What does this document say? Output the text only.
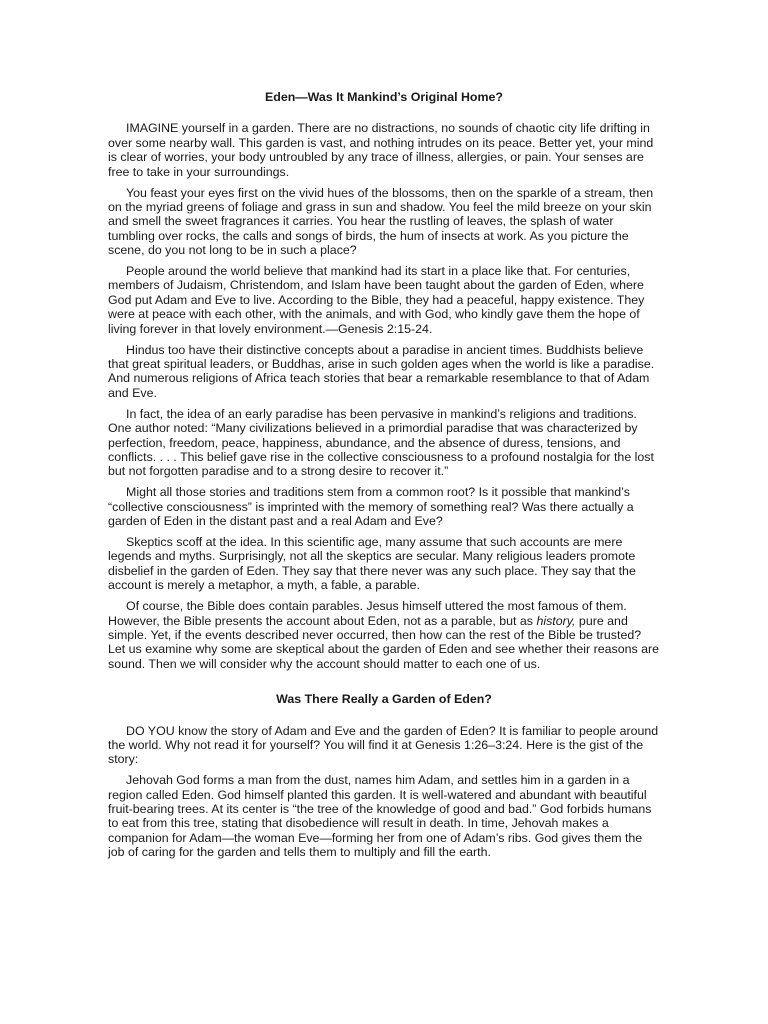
Eden—Was It Mankind’s Original Home?

IMAGINE yourself in a garden. There are no distractions, no sounds of chaotic city life drifting in over some nearby wall. This garden is vast, and nothing intrudes on its peace. Better yet, your mind is clear of worries, your body untroubled by any trace of illness, allergies, or pain. Your senses are free to take in your surroundings.

You feast your eyes first on the vivid hues of the blossoms, then on the sparkle of a stream, then on the myriad greens of foliage and grass in sun and shadow. You feel the mild breeze on your skin and smell the sweet fragrances it carries. You hear the rustling of leaves, the splash of water tumbling over rocks, the calls and songs of birds, the hum of insects at work. As you picture the scene, do you not long to be in such a place?

People around the world believe that mankind had its start in a place like that. For centuries, members of Judaism, Christendom, and Islam have been taught about the garden of Eden, where God put Adam and Eve to live. According to the Bible, they had a peaceful, happy existence. They were at peace with each other, with the animals, and with God, who kindly gave them the hope of living forever in that lovely environment.—Genesis 2:15-24.

Hindus too have their distinctive concepts about a paradise in ancient times. Buddhists believe that great spiritual leaders, or Buddhas, arise in such golden ages when the world is like a paradise. And numerous religions of Africa teach stories that bear a remarkable resemblance to that of Adam and Eve.

In fact, the idea of an early paradise has been pervasive in mankind’s religions and traditions. One author noted: “Many civilizations believed in a primordial paradise that was characterized by perfection, freedom, peace, happiness, abundance, and the absence of duress, tensions, and conflicts. . . . This belief gave rise in the collective consciousness to a profound nostalgia for the lost but not forgotten paradise and to a strong desire to recover it.”

Might all those stories and traditions stem from a common root? Is it possible that mankind’s “collective consciousness” is imprinted with the memory of something real? Was there actually a garden of Eden in the distant past and a real Adam and Eve?

Skeptics scoff at the idea. In this scientific age, many assume that such accounts are mere legends and myths. Surprisingly, not all the skeptics are secular. Many religious leaders promote disbelief in the garden of Eden. They say that there never was any such place. They say that the account is merely a metaphor, a myth, a fable, a parable.

Of course, the Bible does contain parables. Jesus himself uttered the most famous of them. However, the Bible presents the account about Eden, not as a parable, but as history, pure and simple. Yet, if the events described never occurred, then how can the rest of the Bible be trusted? Let us examine why some are skeptical about the garden of Eden and see whether their reasons are sound. Then we will consider why the account should matter to each one of us.

Was There Really a Garden of Eden?

DO YOU know the story of Adam and Eve and the garden of Eden? It is familiar to people around the world. Why not read it for yourself? You will find it at Genesis 1:26–3:24. Here is the gist of the story:

Jehovah God forms a man from the dust, names him Adam, and settles him in a garden in a region called Eden. God himself planted this garden. It is well-watered and abundant with beautiful fruit-bearing trees. At its center is “the tree of the knowledge of good and bad.” God forbids humans to eat from this tree, stating that disobedience will result in death. In time, Jehovah makes a companion for Adam—the woman Eve—forming her from one of Adam’s ribs. God gives them the job of caring for the garden and tells them to multiply and fill the earth.
